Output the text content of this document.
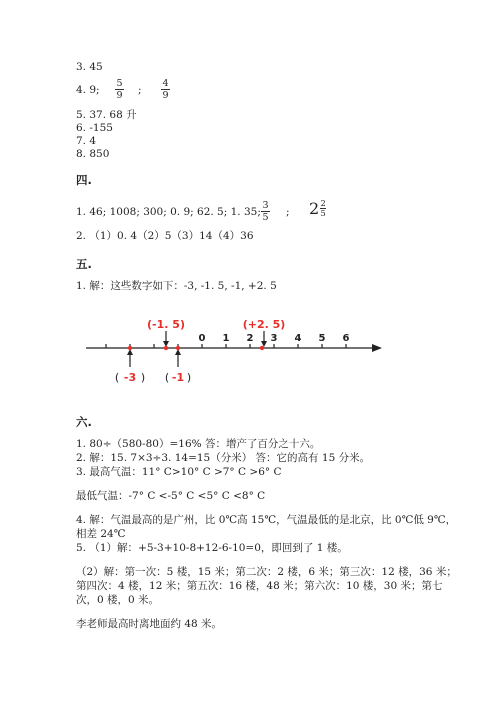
3. 45
4. 9;
5
9 ;
4
9
5. 37. 68 升
6. -155
7. 4
8. 850
四.
1. 46; 1008; 300; 0. 9; 62. 5; 1. 35;
3
5 ; $2 \frac{2}{5}$
2. （1）0. 4（2）5（3）14（4）36
五.
1. 解：这些数字如下：-3, -1. 5, -1, +2. 5
0 1 2 3 4 5 6
(-1. 5)	(+2. 5)
( -3 ) ( -1 )
六.
1. 80÷（580-80）=16% 答：增产了百分之十六。
2. 解：15. 7×3÷3. 14=15（分米） 答：它的高有 15 分米。
3. 最高气温：11° C>10° C >7° C >6° C
最低气温：-7° C <-5° C <5° C <8° C
4. 解：气温最高的是广州，比 0℃高 15℃，气温最低的是北京，比 0℃低 9℃，
相差 24℃
5. （1）解：+5-3+10-8+12-6-10=0，即回到了 1 楼。
（2）解：第一次：5 楼，15 米；第二次：2 楼，6 米；第三次：12 楼，36 米；
第四次：4 楼，12 米；第五次：16 楼，48 米；第六次：10 楼，30 米；第七
次，0 楼，0 米。
李老师最高时离地面约 48 米。
